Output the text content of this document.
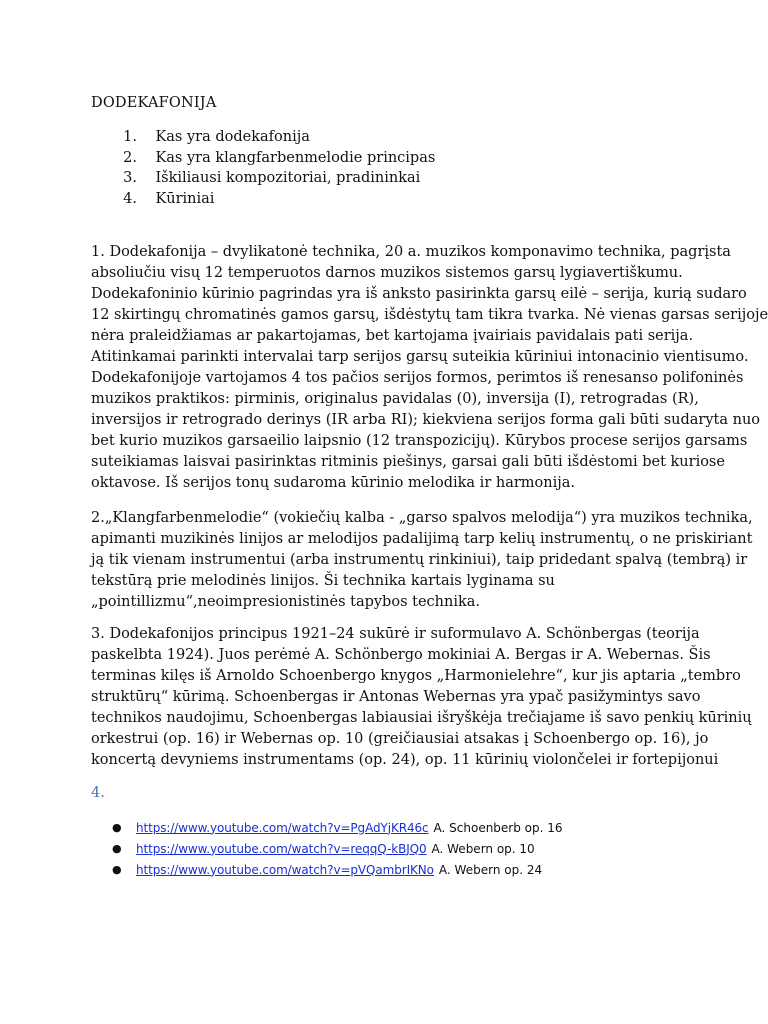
DODEKAFONIJA
1.	Kas yra dodekafonija
2.	Kas yra klangfarbenmelodie principas
3.	Iškiliausi kompozitoriai, pradininkai
4.	Kūriniai
1. Dodekafonija – dvylikatonė technika, 20 a. muzikos komponavimo technika, pagrįsta
absoliučiu visų 12 temperuotos darnos muzikos sistemos garsų lygiavertiškumu.
Dodekafoninio kūrinio pagrindas yra iš anksto pasirinkta garsų eilė – serija, kurią sudaro
12 skirtingų chromatinės gamos garsų, išdėstytų tam tikra tvarka. Nė vienas garsas serijoje
nėra praleidžiamas ar pakartojamas, bet kartojama įvairiais pavidalais pati serija.
Atitinkamai parinkti intervalai tarp serijos garsų suteikia kūriniui intonacinio vientisumo.
Dodekafonijoje vartojamos 4 tos pačios serijos formos, perimtos iš renesanso polifoninės
muzikos praktikos: pirminis, originalus pavidalas (0), inversija (I), retrogradas (R),
inversijos ir retrogrado derinys (IR arba RI); kiekviena serijos forma gali būti sudaryta nuo
bet kurio muzikos garsaeilio laipsnio (12 transpozicijų). Kūrybos procese serijos garsams
suteikiamas laisvai pasirinktas ritminis piešinys, garsai gali būti išdėstomi bet kuriose
oktavose. Iš serijos tonų sudaroma kūrinio melodika ir harmonija.
2.„Klangfarbenmelodie“ (vokiečių kalba - „garso spalvos melodija“) yra muzikos technika,
apimanti muzikinės linijos ar melodijos padalijimą tarp kelių instrumentų, o ne priskiriant
ją tik vienam instrumentui (arba instrumentų rinkiniui), taip pridedant spalvą (tembrą) ir
tekstūrą prie melodinės linijos. Ši technika kartais lyginama su
„pointillizmu“,neoimpresionistinės tapybos technika.
3. Dodekafonijos principus 1921–24 sukūrė ir suformulavo A. Schönbergas (teorija
paskelbta 1924). Juos perėmė A. Schönbergo mokiniai A. Bergas ir A. Webernas. Šis
terminas kilęs iš Arnoldo Schoenbergo knygos „Harmonielehre“, kur jis aptaria „tembro
struktūrų“ kūrimą. Schoenbergas ir Antonas Webernas yra ypač pasižymintys savo
technikos naudojimu, Schoenbergas labiausiai išryškėja trečiajame iš savo penkių kūrinių
orkestrui (op. 16) ir Webernas op. 10 (greičiausiai atsakas į Schoenbergo op. 16), jo
koncertą devyniems instrumentams (op. 24), op. 11 kūrinių violončelei ir fortepijonui

4.

●	https://www.youtube.com/watch?v=PgAdYjKR46c A. Schoenberb op. 16
●	https://www.youtube.com/watch?v=reqqQ-kBJQ0 A. Webern op. 10
●	https://www.youtube.com/watch?v=pVQambrIKNo A. Webern op. 24
